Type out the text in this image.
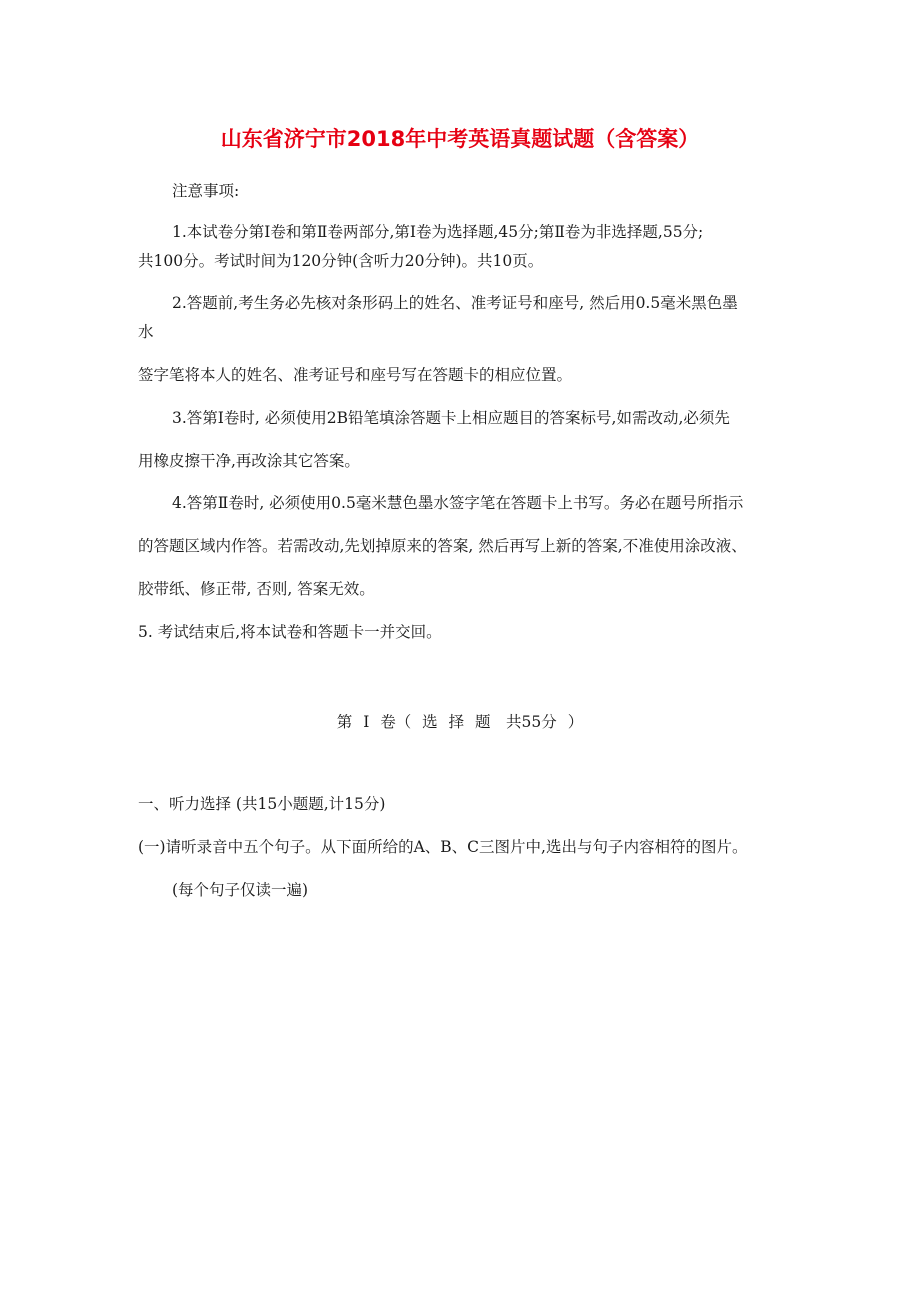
山东省济宁市2018年中考英语真题试题（含答案）
注意事项:
1.本试卷分第Ⅰ卷和第Ⅱ卷两部分,第Ⅰ卷为选择题,45分;第Ⅱ卷为非选择题,55分;
共100分。考试时间为120分钟(含听力20分钟)。共10页。
2.答题前,考生务必先核对条形码上的姓名、准考证号和座号, 然后用0.5毫米黑色墨
水
签字笔将本人的姓名、准考证号和座号写在答题卡的相应位置。
3.答第Ⅰ卷时, 必须使用2B铅笔填涂答题卡上相应题目的答案标号,如需改动,必须先
用橡皮擦干净,再改涂其它答案。
4.答第Ⅱ卷时, 必须使用0.5毫米慧色墨水签字笔在答题卡上书写。务必在题号所指示
的答题区域内作答。若需改动,先划掉原来的答案, 然后再写上新的答案,不准使用涂改液、
胶带纸、修正带, 否则, 答案无效。
5. 考试结束后,将本试卷和答题卡一并交回。
第 Ⅰ 卷（ 选 择 题　共55分 ）
一、听力选择 (共15小题题,计15分)
(一)请听录音中五个句子。从下面所给的A、B、C三图片中,选出与句子内容相符的图片。
(每个句子仅读一遍)
